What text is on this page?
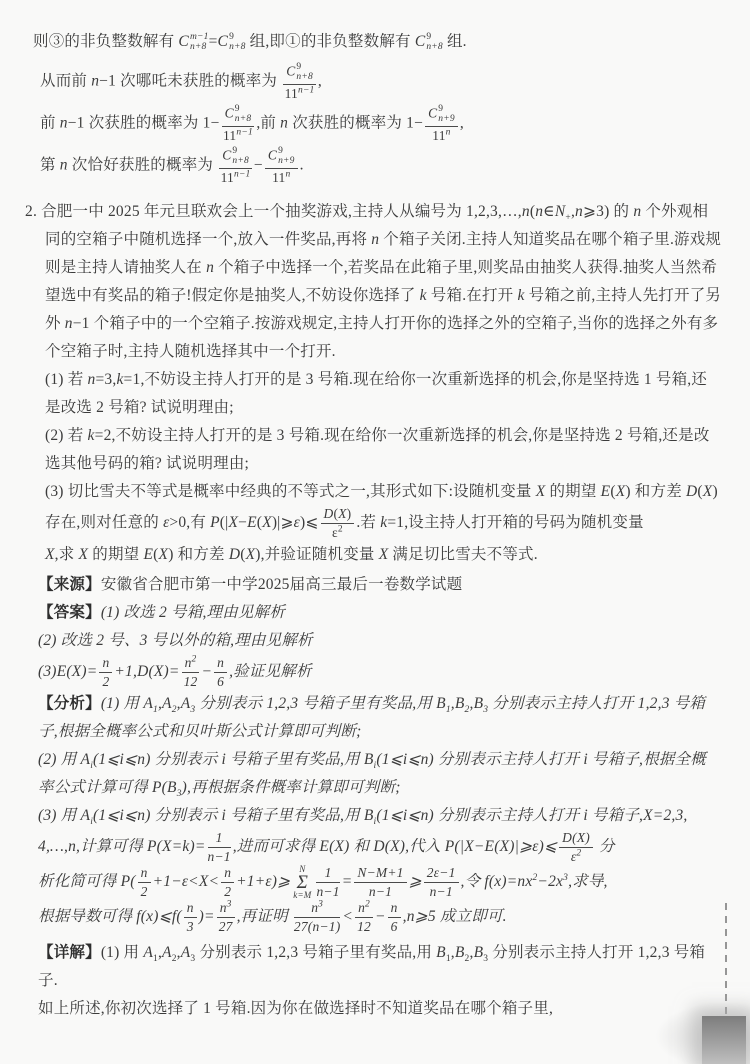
则③的非负整数解有 C m−1
n+8 =C 9
n+8 组,即①的非负整数解有 C 9
n+8 组.
从而前 n−1 次哪吒未获胜的概率为 C 9
n+8
$11^{n-1}$ ,
前 n−1 次获胜的概率为 1− C 9
n+8
$11^{n-1}$ ,前 n 次获胜的概率为 1− C 9
n+9
11$^n$ ,
第 n 次恰好获胜的概率为 C 9
n+8
$11^{n-1} - C$ 9
n+9
11$^n$ .
2. 合肥一中 2025 年元旦联欢会上一个抽奖游戏,主持人从编号为 $1,2,3,\dots,n(n\in N_+,n⩾3)$ 的 n 个外观相
同的空箱子中随机选择一个,放入一件奖品,再将 n 个箱子关闭.主持人知道奖品在哪个箱子里.游戏规
则是主持人请抽奖人在 n 个箱子中选择一个,若奖品在此箱子里,则奖品由抽奖人获得.抽奖人当然希
望选中有奖品的箱子!假定你是抽奖人,不妨设你选择了 k 号箱.在打开 k 号箱之前,主持人先打开了另
外 n−1 个箱子中的一个空箱子.按游戏规定,主持人打开你的选择之外的空箱子,当你的选择之外有多
个空箱子时,主持人随机选择其中一个打开.
(1) 若 n=3,k=1,不妨设主持人打开的是 3 号箱.现在给你一次重新选择的机会,你是坚持选 1 号箱,还
是改选 2 号箱? 试说明理由;
(2) 若 k=2,不妨设主持人打开的是 3 号箱.现在给你一次重新选择的机会,你是坚持选 2 号箱,还是改
选其他号码的箱? 试说明理由;
(3) 切比雪夫不等式是概率中经典的不等式之一,其形式如下:设随机变量 X 的期望 E(X) 和方差 D(X)
存在,则对任意的 ε>0,有 P(|X−E(X)|⩾ε)⩽ $\frac{D(X)}{\varepsilon^2}$ .若 k=1,设主持人打开箱的号码为随机变量
X,求 X 的期望 E(X) 和方差 D(X),并验证随机变量 X 满足切比雪夫不等式.
【来源】安徽省合肥市第一中学2025届高三最后一卷数学试题
【答案】(1) 改选 2 号箱,理由见解析
(2) 改选 2 号、3 号以外的箱,理由见解析
$(3)E(X)= \frac{n}{2} +1,D(X)= \frac{n^2}{12} - \frac{n}{6}$ ,验证见解析
【分析】(1) 用 $A_1,A_2,A_3$ 分别表示 1,2,3 号箱子里有奖品,用 $B_1,B_2,B_3$ 分别表示主持人打开 1,2,3 号箱
子,根据全概率公式和贝叶斯公式计算即可判断;
(2) 用 $A_i(1⩽i⩽n)$ 分别表示 i 号箱子里有奖品,用 $B_i(1⩽i⩽n)$ 分别表示主持人打开 i 号箱子,根据全概
率公式计算可得 $P(B_3)$,再根据条件概率计算即可判断;
(3) 用 $A_i(1⩽i⩽n)$ 分别表示 i 号箱子里有奖品,用 $B_i(1⩽i⩽n)$ 分别表示主持人打开 i 号箱子,X=2,3,
4,…,n,计算可得 $P(X=k)= \frac{1}{n-1}$ ,进而可求得 E(X) 和 D(X),代入 P(|X−E(X)|⩾ε)⩽ $\frac{D(X)}{\varepsilon^2}$ 分
析化简可得 $P( \frac{n}{2} +1-\varepsilon<X< \frac{n}{2}$ +1+ε)⩾
N
Σ
$k=M \frac{1}{n-1} = \frac{N-M+1}{n-1}$ ⩾ $\frac{2\varepsilon-1}{n-1}$ ,令 $f(x)=nx^2-2x^3$,求导,
根据导数可得 f(x)⩽f( $\frac{n}{3}$ )= $\frac{n^3}{27}$ ,再证明 $\frac{n^3}{27(n-1)} < \frac{n^2}{12} - \frac{n}{6}$ ,n⩾5 成立即可.
【详解】(1) 用 $A_1,A_2,A_3$ 分别表示 1,2,3 号箱子里有奖品,用 $B_1,B_2,B_3$ 分别表示主持人打开 1,2,3 号箱
子.
如上所述,你初次选择了 1 号箱.因为你在做选择时不知道奖品在哪个箱子里,
